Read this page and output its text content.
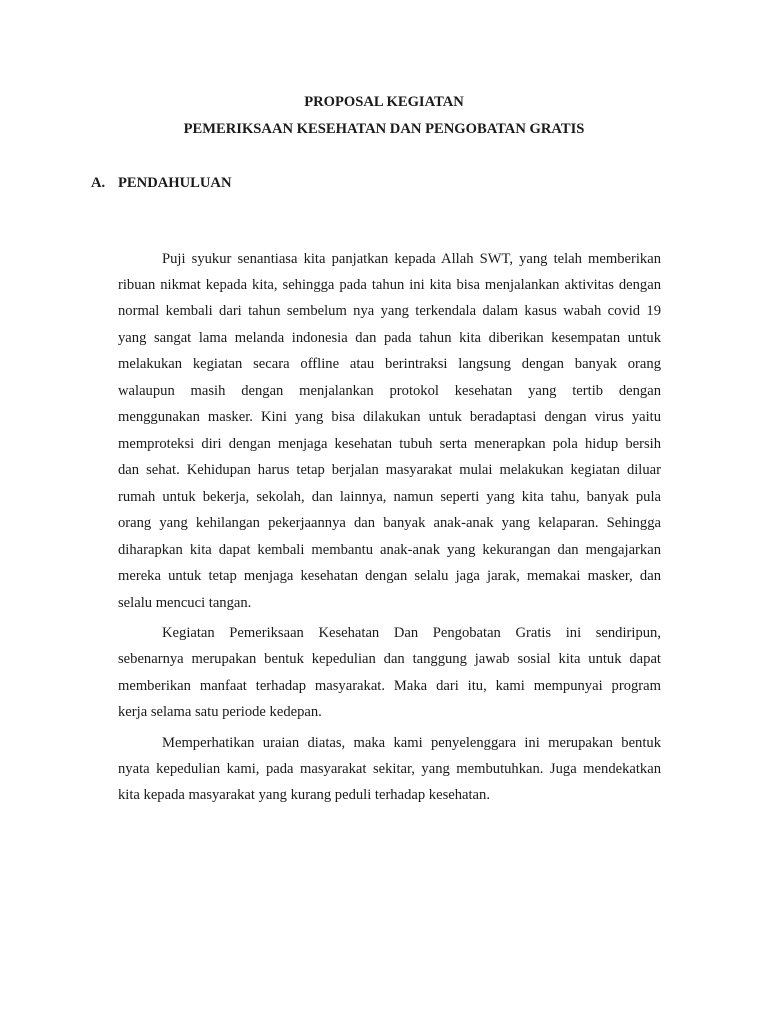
PROPOSAL KEGIATAN
PEMERIKSAAN KESEHATAN DAN PENGOBATAN GRATIS
A. PENDAHULUAN
Puji syukur senantiasa kita panjatkan kepada Allah SWT, yang telah memberikan
ribuan nikmat kepada kita, sehingga pada tahun ini kita bisa menjalankan aktivitas dengan
normal kembali dari tahun sembelum nya yang terkendala dalam kasus wabah covid 19
yang sangat lama melanda indonesia dan pada tahun kita diberikan kesempatan untuk
melakukan kegiatan secara offline atau berintraksi langsung dengan banyak orang
walaupun masih dengan menjalankan protokol kesehatan yang tertib dengan
menggunakan masker. Kini yang bisa dilakukan untuk beradaptasi dengan virus yaitu
memproteksi diri dengan menjaga kesehatan tubuh serta menerapkan pola hidup bersih
dan sehat. Kehidupan harus tetap berjalan masyarakat mulai melakukan kegiatan diluar
rumah untuk bekerja, sekolah, dan lainnya, namun seperti yang kita tahu, banyak pula
orang yang kehilangan pekerjaannya dan banyak anak-anak yang kelaparan. Sehingga
diharapkan kita dapat kembali membantu anak-anak yang kekurangan dan mengajarkan
mereka untuk tetap menjaga kesehatan dengan selalu jaga jarak, memakai masker, dan
selalu mencuci tangan.
Kegiatan Pemeriksaan Kesehatan Dan Pengobatan Gratis ini sendiripun,
sebenarnya merupakan bentuk kepedulian dan tanggung jawab sosial kita untuk dapat
memberikan manfaat terhadap masyarakat. Maka dari itu, kami mempunyai program
kerja selama satu periode kedepan.
Memperhatikan uraian diatas, maka kami penyelenggara ini merupakan bentuk
nyata kepedulian kami, pada masyarakat sekitar, yang membutuhkan. Juga mendekatkan
kita kepada masyarakat yang kurang peduli terhadap kesehatan.
